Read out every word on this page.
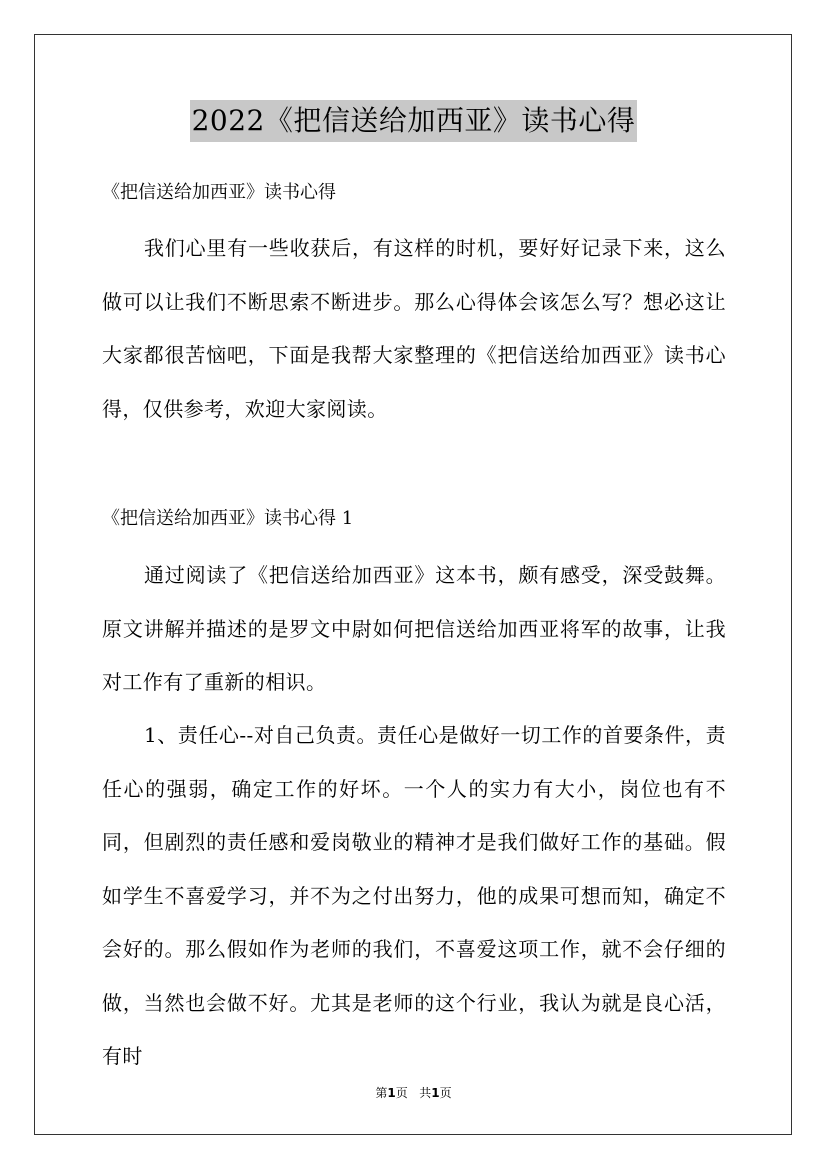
2022《把信送给加西亚》读书心得
《把信送给加西亚》读书心得

我们心里有一些收获后，有这样的时机，要好好记录下来，这么做可以让我们不断思索不断进步。那么心得体会该怎么写？想必这让大家都很苦恼吧，下面是我帮大家整理的《把信送给加西亚》读书心得，仅供参考，欢迎大家阅读。

《把信送给加西亚》读书心得 1

通过阅读了《把信送给加西亚》这本书，颇有感受，深受鼓舞。原文讲解并描述的是罗文中尉如何把信送给加西亚将军的故事，让我对工作有了重新的相识。

1、责任心--对自己负责。责任心是做好一切工作的首要条件，责任心的强弱，确定工作的好坏。一个人的实力有大小，岗位也有不同，但剧烈的责任感和爱岗敬业的精神才是我们做好工作的基础。假如学生不喜爱学习，并不为之付出努力，他的成果可想而知，确定不会好的。那么假如作为老师的我们，不喜爱这项工作，就不会仔细的做，当然也会做不好。尤其是老师的这个行业，我认为就是良心活，有时

第1页 共1页
